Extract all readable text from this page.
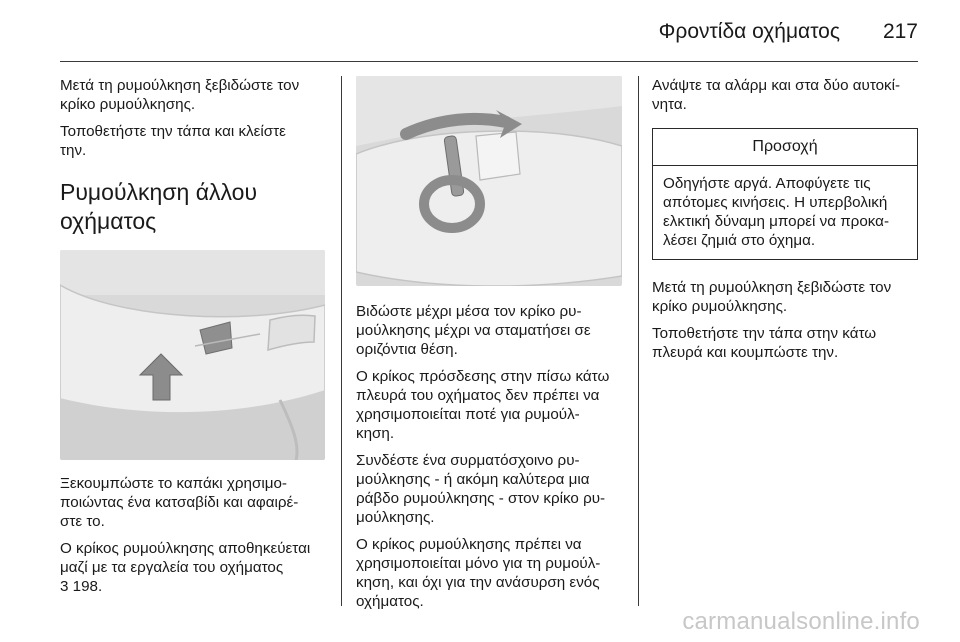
Φροντίδα οχήματος 217

Μετά τη ρυμούλκηση ξεβιδώστε τον
κρίκο ρυμούλκησης.

Τοποθετήστε την τάπα και κλείστε
την.

Ρυμούλκηση άλλου
οχήματος

Ξεκουμπώστε το καπάκι χρησιμο-
ποιώντας ένα κατσαβίδι και αφαιρέ-
στε το.

Ο κρίκος ρυμούλκησης αποθηκεύεται
μαζί με τα εργαλεία του οχήματος
3 198.

Βιδώστε μέχρι μέσα τον κρίκο ρυ-
μούλκησης μέχρι να σταματήσει σε
οριζόντια θέση.

Ο κρίκος πρόσδεσης στην πίσω κάτω
πλευρά του οχήματος δεν πρέπει να
χρησιμοποιείται ποτέ για ρυμούλ-
κηση.

Συνδέστε ένα συρματόσχοινο ρυ-
μούλκησης - ή ακόμη καλύτερα μια
ράβδο ρυμούλκησης - στον κρίκο ρυ-
μούλκησης.

Ο κρίκος ρυμούλκησης πρέπει να
χρησιμοποιείται μόνο για τη ρυμούλ-
κηση, και όχι για την ανάσυρση ενός
οχήματος.

Ανάψτε τα αλάρμ και στα δύο αυτοκί-
νητα.

Προσοχή
Οδηγήστε αργά. Αποφύγετε τις
απότομες κινήσεις. Η υπερβολική
ελκτική δύναμη μπορεί να προκα-
λέσει ζημιά στο όχημα.

Μετά τη ρυμούλκηση ξεβιδώστε τον
κρίκο ρυμούλκησης.

Τοποθετήστε την τάπα στην κάτω
πλευρά και κουμπώστε την.

carmanualsonline.info
